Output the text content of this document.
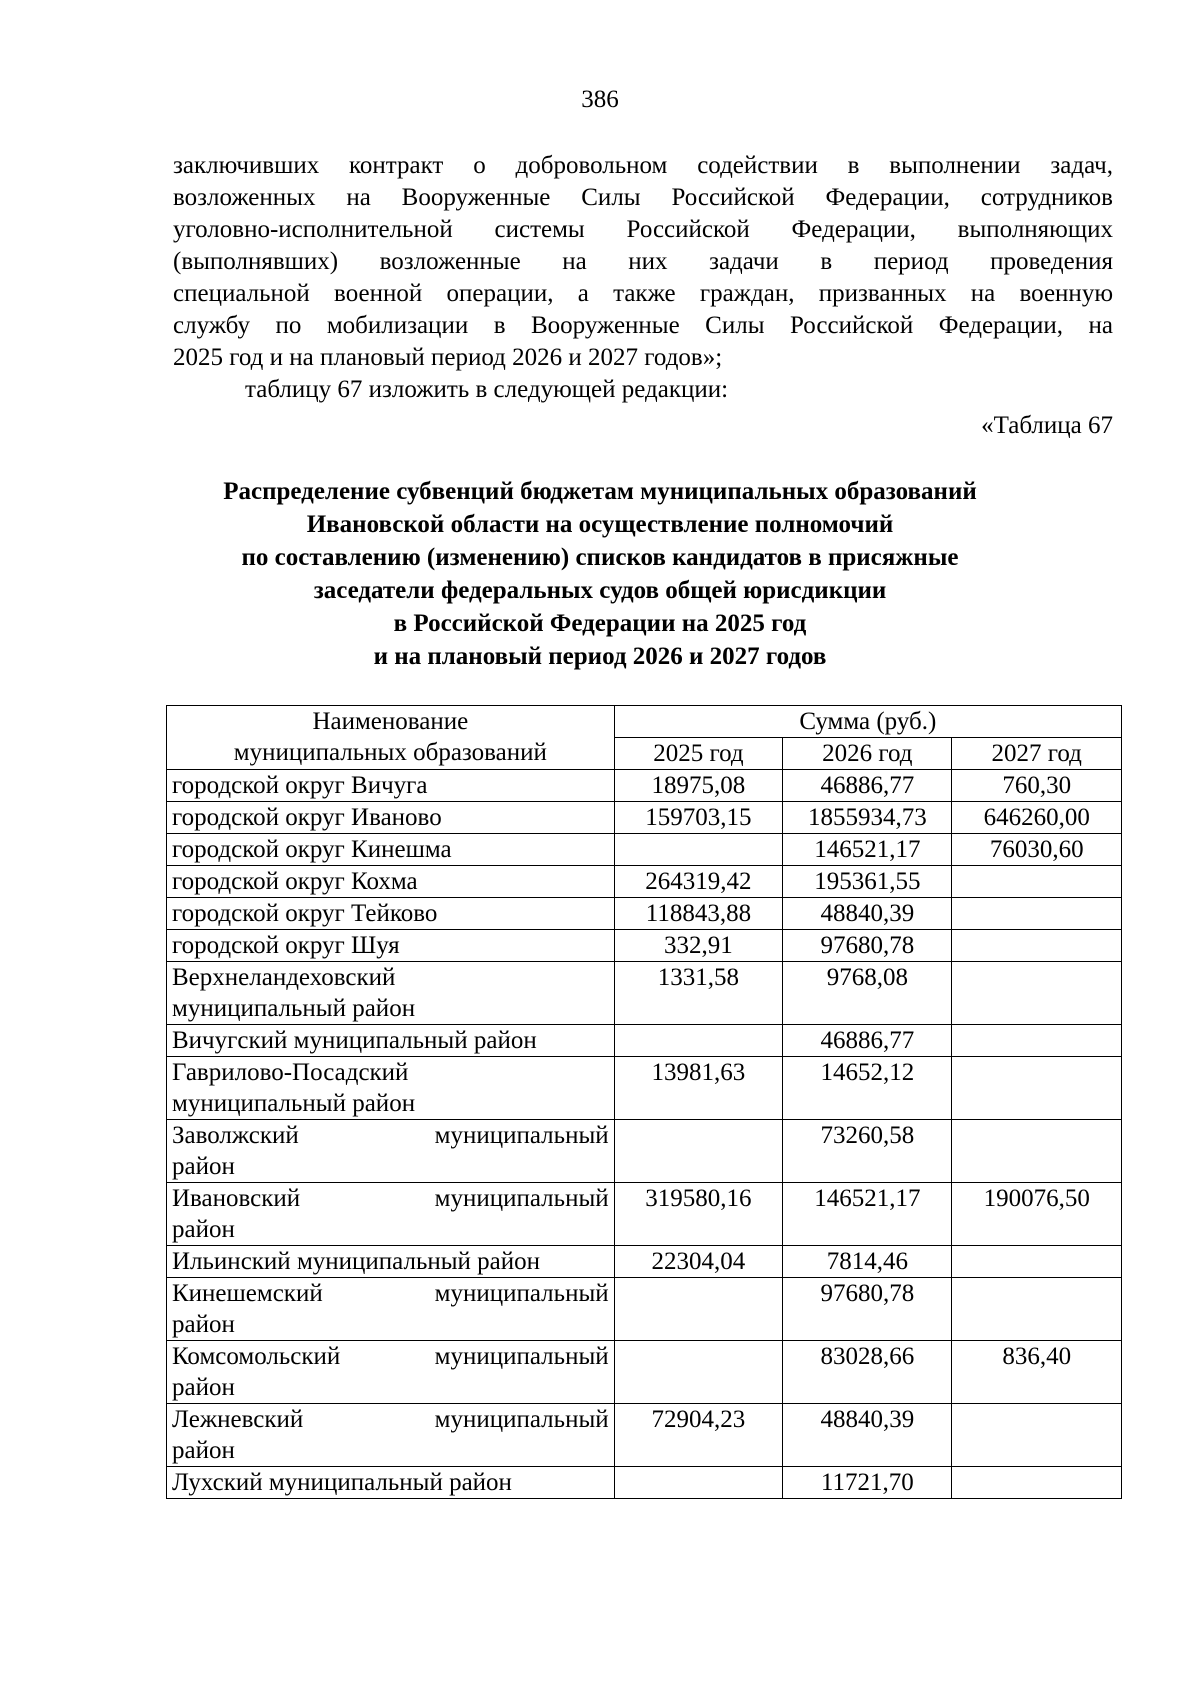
386

заключивших контракт о добровольном содействии в выполнении задач,

возложенных на Вооруженные Силы Российской Федерации, сотрудников

уголовно-исполнительной системы Российской Федерации, выполняющих

(выполнявших) возложенные на них задачи в период проведения

специальной военной операции, а также граждан, призванных на военную

службу по мобилизации в Вооруженные Силы Российской Федерации, на

2025 год и на плановый период 2026 и 2027 годов»;

таблицу 67 изложить в следующей редакции:

«Таблица 67
Распределение субвенций бюджетам муниципальных образований
Ивановской области на осуществление полномочий
по составлению (изменению) списков кандидатов в присяжные
заседатели федеральных судов общей юрисдикции
в Российской Федерации на 2025 год
и на плановый период 2026 и 2027 годов
Наименование
муниципальных образований	Сумма (руб.)		
	2025 год	2026 год	2027 год
городской округ Вичуга	18975,08	46886,77	760,30
городской округ Иваново	159703,15	1855934,73	646260,00
городской округ Кинешма		146521,17	76030,60
городской округ Кохма	264319,42	195361,55	
городской округ Тейково	118843,88	48840,39	
городской округ Шуя	332,91	97680,78	

Верхнеландеховский
муниципальный район	1331,58	9768,08	
Вичугский муниципальный район		46886,77	

Гаврилово-Посадский
муниципальный район	13981,63	14652,12	

Заволжский муниципальный
район		73260,58	

Ивановский муниципальный
район	319580,16	146521,17	190076,50
Ильинский муниципальный район	22304,04	7814,46	

Кинешемский муниципальный
район		97680,78	

Комсомольский муниципальный
район		83028,66	836,40

Лежневский муниципальный
район	72904,23	48840,39	
Лухский муниципальный район		11721,70	
